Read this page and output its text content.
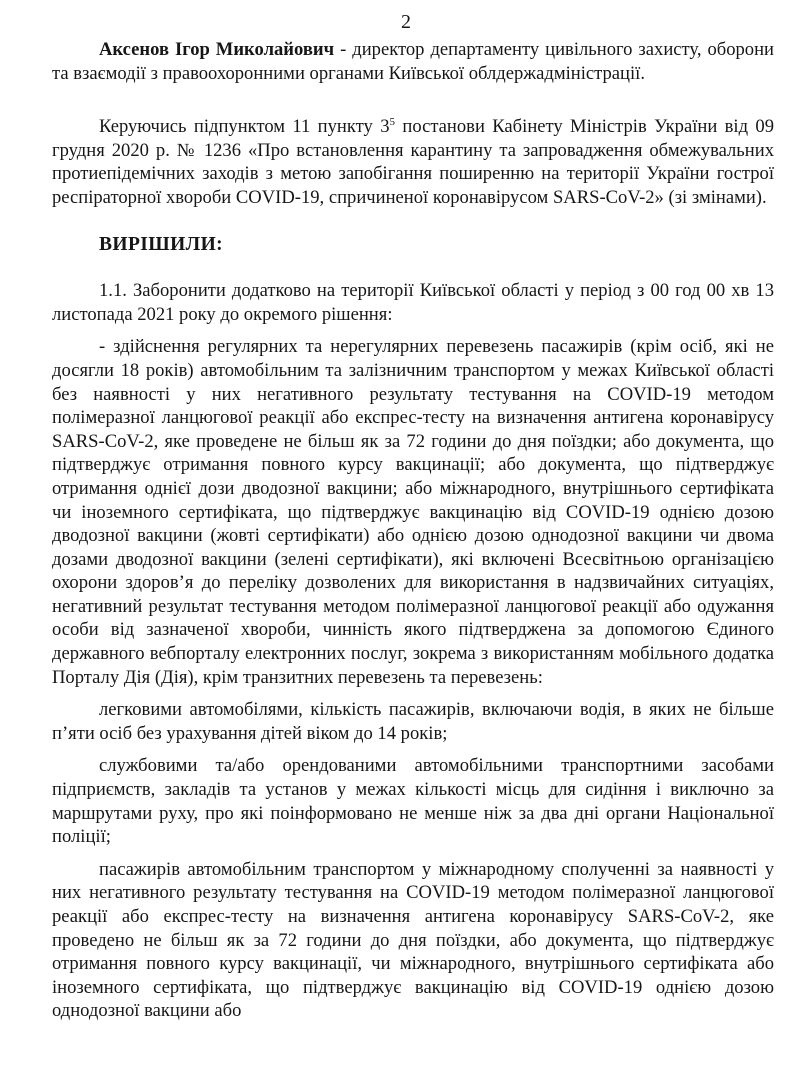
2

Аксенов Ігор Миколайович - директор департаменту цивільного захисту, оборони та взаємодії з правоохоронними органами Київської облдержадміністрації.

Керуючись підпунктом 11 пункту $3^5$ постанови Кабінету Міністрів України від 09 грудня 2020 р. № 1236 «Про встановлення карантину та запровадження обмежувальних протиепідемічних заходів з метою запобігання поширенню на території України гострої респіраторної хвороби COVID-19, спричиненої коронавірусом SARS-CoV-2» (зі змінами).

ВИРІШИЛИ:

1.1. Заборонити додатково на території Київської області у період з 00 год 00 хв 13 листопада 2021 року до окремого рішення:

- здійснення регулярних та нерегулярних перевезень пасажирів (крім осіб, які не досягли 18 років) автомобільним та залізничним транспортом у межах Київської області без наявності у них негативного результату тестування на COVID-19 методом полімеразної ланцюгової реакції або експрес-тесту на визначення антигена коронавірусу SARS-CoV-2, яке проведене не більш як за 72 години до дня поїздки; або документа, що підтверджує отримання повного курсу вакцинації; або документа, що підтверджує отримання однієї дози дводозної вакцини; або міжнародного, внутрішнього сертифіката чи іноземного сертифіката, що підтверджує вакцинацію від COVID-19 однією дозою дводозної вакцини (жовті сертифікати) або однією дозою однодозної вакцини чи двома дозами дводозної вакцини (зелені сертифікати), які включені Всесвітньою організацією охорони здоров’я до переліку дозволених для використання в надзвичайних ситуаціях, негативний результат тестування методом полімеразної ланцюгової реакції або одужання особи від зазначеної хвороби, чинність якого підтверджена за допомогою Єдиного державного вебпорталу електронних послуг, зокрема з використанням мобільного додатка Порталу Дія (Дія), крім транзитних перевезень та перевезень:

легковими автомобілями, кількість пасажирів, включаючи водія, в яких не більше п’яти осіб без урахування дітей віком до 14 років;

службовими та/або орендованими автомобільними транспортними засобами підприємств, закладів та установ у межах кількості місць для сидіння і виключно за маршрутами руху, про які поінформовано не менше ніж за два дні органи Національної поліції;

пасажирів автомобільним транспортом у міжнародному сполученні за наявності у них негативного результату тестування на COVID-19 методом полімеразної ланцюгової реакції або експрес-тесту на визначення антигена коронавірусу SARS-CoV-2, яке проведено не більш як за 72 години до дня поїздки, або документа, що підтверджує отримання повного курсу вакцинації, чи міжнародного, внутрішнього сертифіката або іноземного сертифіката, що підтверджує вакцинацію від COVID-19 однією дозою однодозної вакцини або
